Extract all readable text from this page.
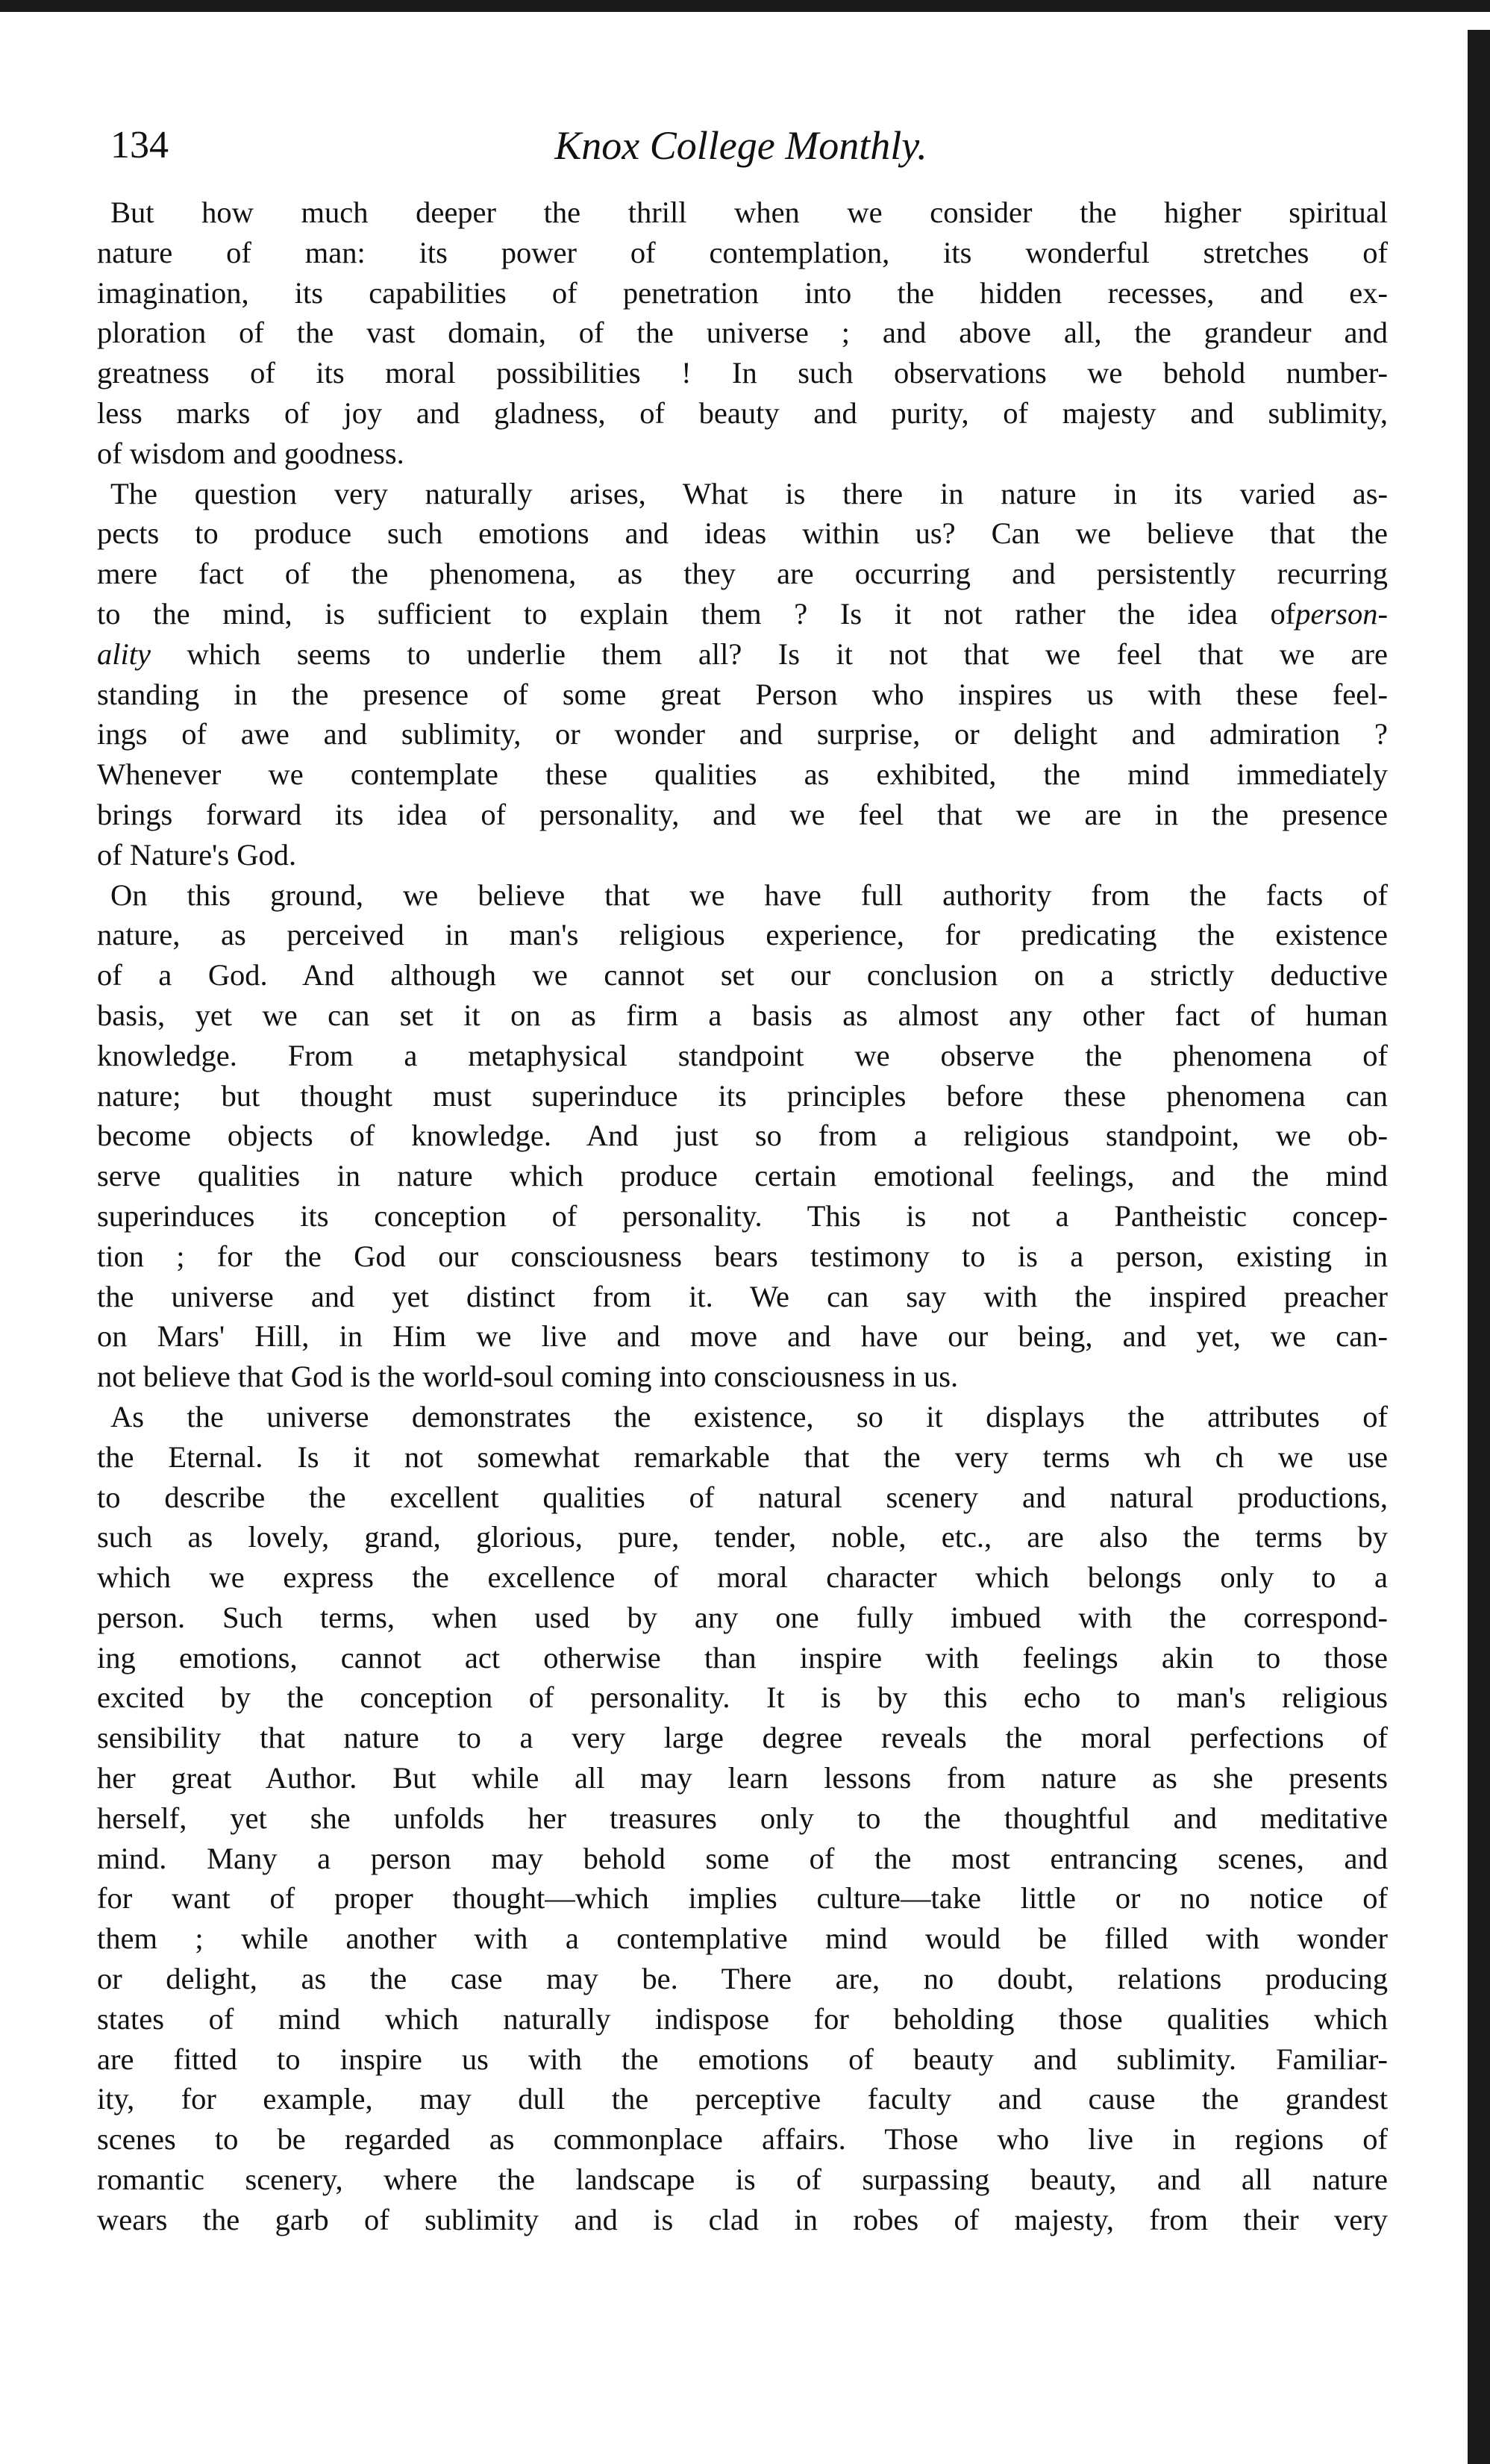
134	Knox College Monthly.
But how much deeper the thrill when we consider the higher spiritual
nature of man: its power of contemplation, its wonderful stretches of
imagination, its capabilities of penetration into the hidden recesses, and ex-
ploration of the vast domain, of the universe ; and above all, the grandeur and
greatness of its moral possibilities ! In such observations we behold number-
less marks of joy and gladness, of beauty and purity, of majesty and sublimity,
of wisdom and goodness.
The question very naturally arises, What is there in nature in its varied as-
pects to produce such emotions and ideas within us? Can we believe that the
mere fact of the phenomena, as they are occurring and persistently recurring
to the mind, is sufficient to explain them ? Is it not rather the idea ofperson-
ality which seems to underlie them all? Is it not that we feel that we are
standing in the presence of some great Person who inspires us with these feel-
ings of awe and sublimity, or wonder and surprise, or delight and admiration ?
Whenever we contemplate these qualities as exhibited, the mind immediately
brings forward its idea of personality, and we feel that we are in the presence
of Nature's God.
On this ground, we believe that we have full authority from the facts of
nature, as perceived in man's religious experience, for predicating the existence
of a God. And although we cannot set our conclusion on a strictly deductive
basis, yet we can set it on as firm a basis as almost any other fact of human
knowledge. From a metaphysical standpoint we observe the phenomena of
nature; but thought must superinduce its principles before these phenomena can
become objects of knowledge. And just so from a religious standpoint, we ob-
serve qualities in nature which produce certain emotional feelings, and the mind
superinduces its conception of personality. This is not a Pantheistic concep-
tion ; for the God our consciousness bears testimony to is a person, existing in
the universe and yet distinct from it. We can say with the inspired preacher
on Mars' Hill, in Him we live and move and have our being, and yet, we can-
not believe that God is the world-soul coming into consciousness in us.
As the universe demonstrates the existence, so it displays the attributes of
the Eternal. Is it not somewhat remarkable that the very terms wh ch we use
to describe the excellent qualities of natural scenery and natural productions,
such as lovely, grand, glorious, pure, tender, noble, etc., are also the terms by
which we express the excellence of moral character which belongs only to a
person. Such terms, when used by any one fully imbued with the correspond-
ing emotions, cannot act otherwise than inspire with feelings akin to those
excited by the conception of personality. It is by this echo to man's religious
sensibility that nature to a very large degree reveals the moral perfections of
her great Author. But while all may learn lessons from nature as she presents
herself, yet she unfolds her treasures only to the thoughtful and meditative
mind. Many a person may behold some of the most entrancing scenes, and
for want of proper thought—which implies culture—take little or no notice of
them ; while another with a contemplative mind would be filled with wonder
or delight, as the case may be. There are, no doubt, relations producing
states of mind which naturally indispose for beholding those qualities which
are fitted to inspire us with the emotions of beauty and sublimity. Familiar-
ity, for example, may dull the perceptive faculty and cause the grandest
scenes to be regarded as commonplace affairs. Those who live in regions of
romantic scenery, where the landscape is of surpassing beauty, and all nature
wears the garb of sublimity and is clad in robes of majesty, from their very
